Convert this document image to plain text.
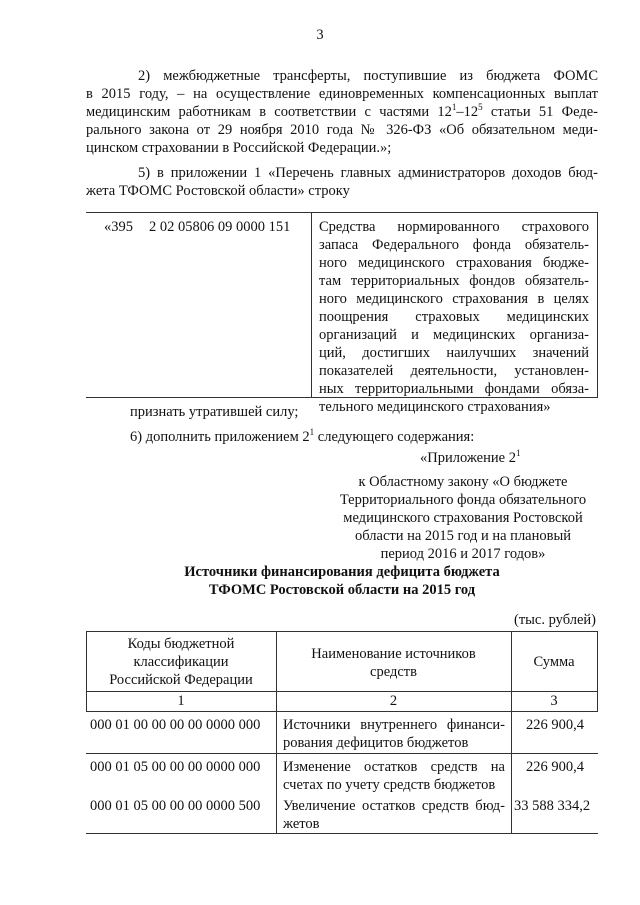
3
2) межбюджетные трансферты, поступившие из бюджета ФОМС
в 2015 году, – на осуществление единовременных компенсационных выплат
медицинским работникам в соответствии с частями $12^1-12^5$ статьи 51 Феде-
рального закона от 29 ноября 2010 года № 326-ФЗ «Об обязательном меди-
цинском страховании в Российской Федерации.»;
5) в приложении 1 «Перечень главных администраторов доходов бюд-
жета ТФОМС Ростовской области» строку
«395 2 02 05806 09 0000 151 Средства нормированного страхового
запаса Федерального фонда обязатель-
ного медицинского страхования бюдже-
там территориальных фондов обязатель-
ного медицинского страхования в целях
поощрения страховых медицинских
организаций и медицинских организа-
ций, достигших наилучших значений
показателей деятельности, установлен-
ных территориальными фондами обяза-
тельного медицинского страхования»
признать утратившей силу;
6) дополнить приложением $2^1$ следующего содержания:
«Приложение $2^1$
к Областному закону «О бюджете
Территориального фонда обязательного
медицинского страхования Ростовской
области на 2015 год и на плановый
период 2016 и 2017 годов»
Источники финансирования дефицита бюджета
ТФОМС Ростовской области на 2015 год
(тыс. рублей)
Коды бюджетной
классификации
Российской Федерации
Наименование источников
средств
Сумма
1	2	3
000 01 00 00 00 00 0000 000 Источники внутреннего финанси-
рования дефицитов бюджетов
226 900,4
000 01 05 00 00 00 0000 000 Изменение остатков средств на
счетах по учету средств бюджетов
226 900,4
000 01 05 00 00 00 0000 500 Увеличение остатков средств бюд-
жетов
33 588 334,2
